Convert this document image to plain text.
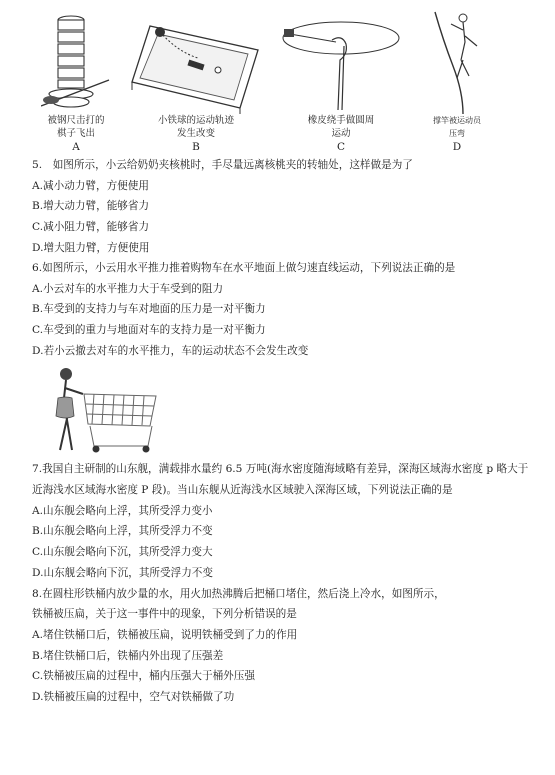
被钢尺击打的
棋子飞出
A
小铁球的运动轨迹
发生改变
B
橡皮绕手做圆周
运动
C
撑竿被运动员
压弯
D
5.　如图所示，小云给奶奶夹核桃时，手尽量远离核桃夹的转轴处，这样做是为了
A.减小动力臂，方便使用
B.增大动力臂，能够省力
C.减小阻力臂，能够省力
D.增大阻力臂，方便使用
6.如图所示，小云用水平推力推着购物车在水平地面上做匀速直线运动，下列说法正确的是
A.小云对车的水平推力大于车受到的阻力
B.车受到的支持力与车对地面的压力是一对平衡力
C.车受到的重力与地面对车的支持力是一对平衡力
D.若小云撤去对车的水平推力，车的运动状态不会发生改变
7.我国自主研制的山东舰，满载排水量约 6.5 万吨(海水密度随海域略有差异，深海区域海水密度 p 略大于
近海浅水区域海水密度 P 段)。当山东舰从近海浅水区域驶入深海区域，下列说法正确的是
A.山东舰会略向上浮，其所受浮力变小
B.山东舰会略向上浮，其所受浮力不变
C.山东舰会略向下沉，其所受浮力变大
D.山东舰会略向下沉，其所受浮力不变
8.在圆柱形铁桶内放少量的水，用火加热沸腾后把桶口堵住，然后浇上冷水，如图所示，
铁桶被压扁，关于这一事件中的现象，下列分析错误的是
A.堵住铁桶口后，铁桶被压扁，说明铁桶受到了力的作用
B.堵住铁桶口后，铁桶内外出现了压强差
C.铁桶被压扁的过程中，桶内压强大于桶外压强
D.铁桶被压扁的过程中，空气对铁桶做了功
